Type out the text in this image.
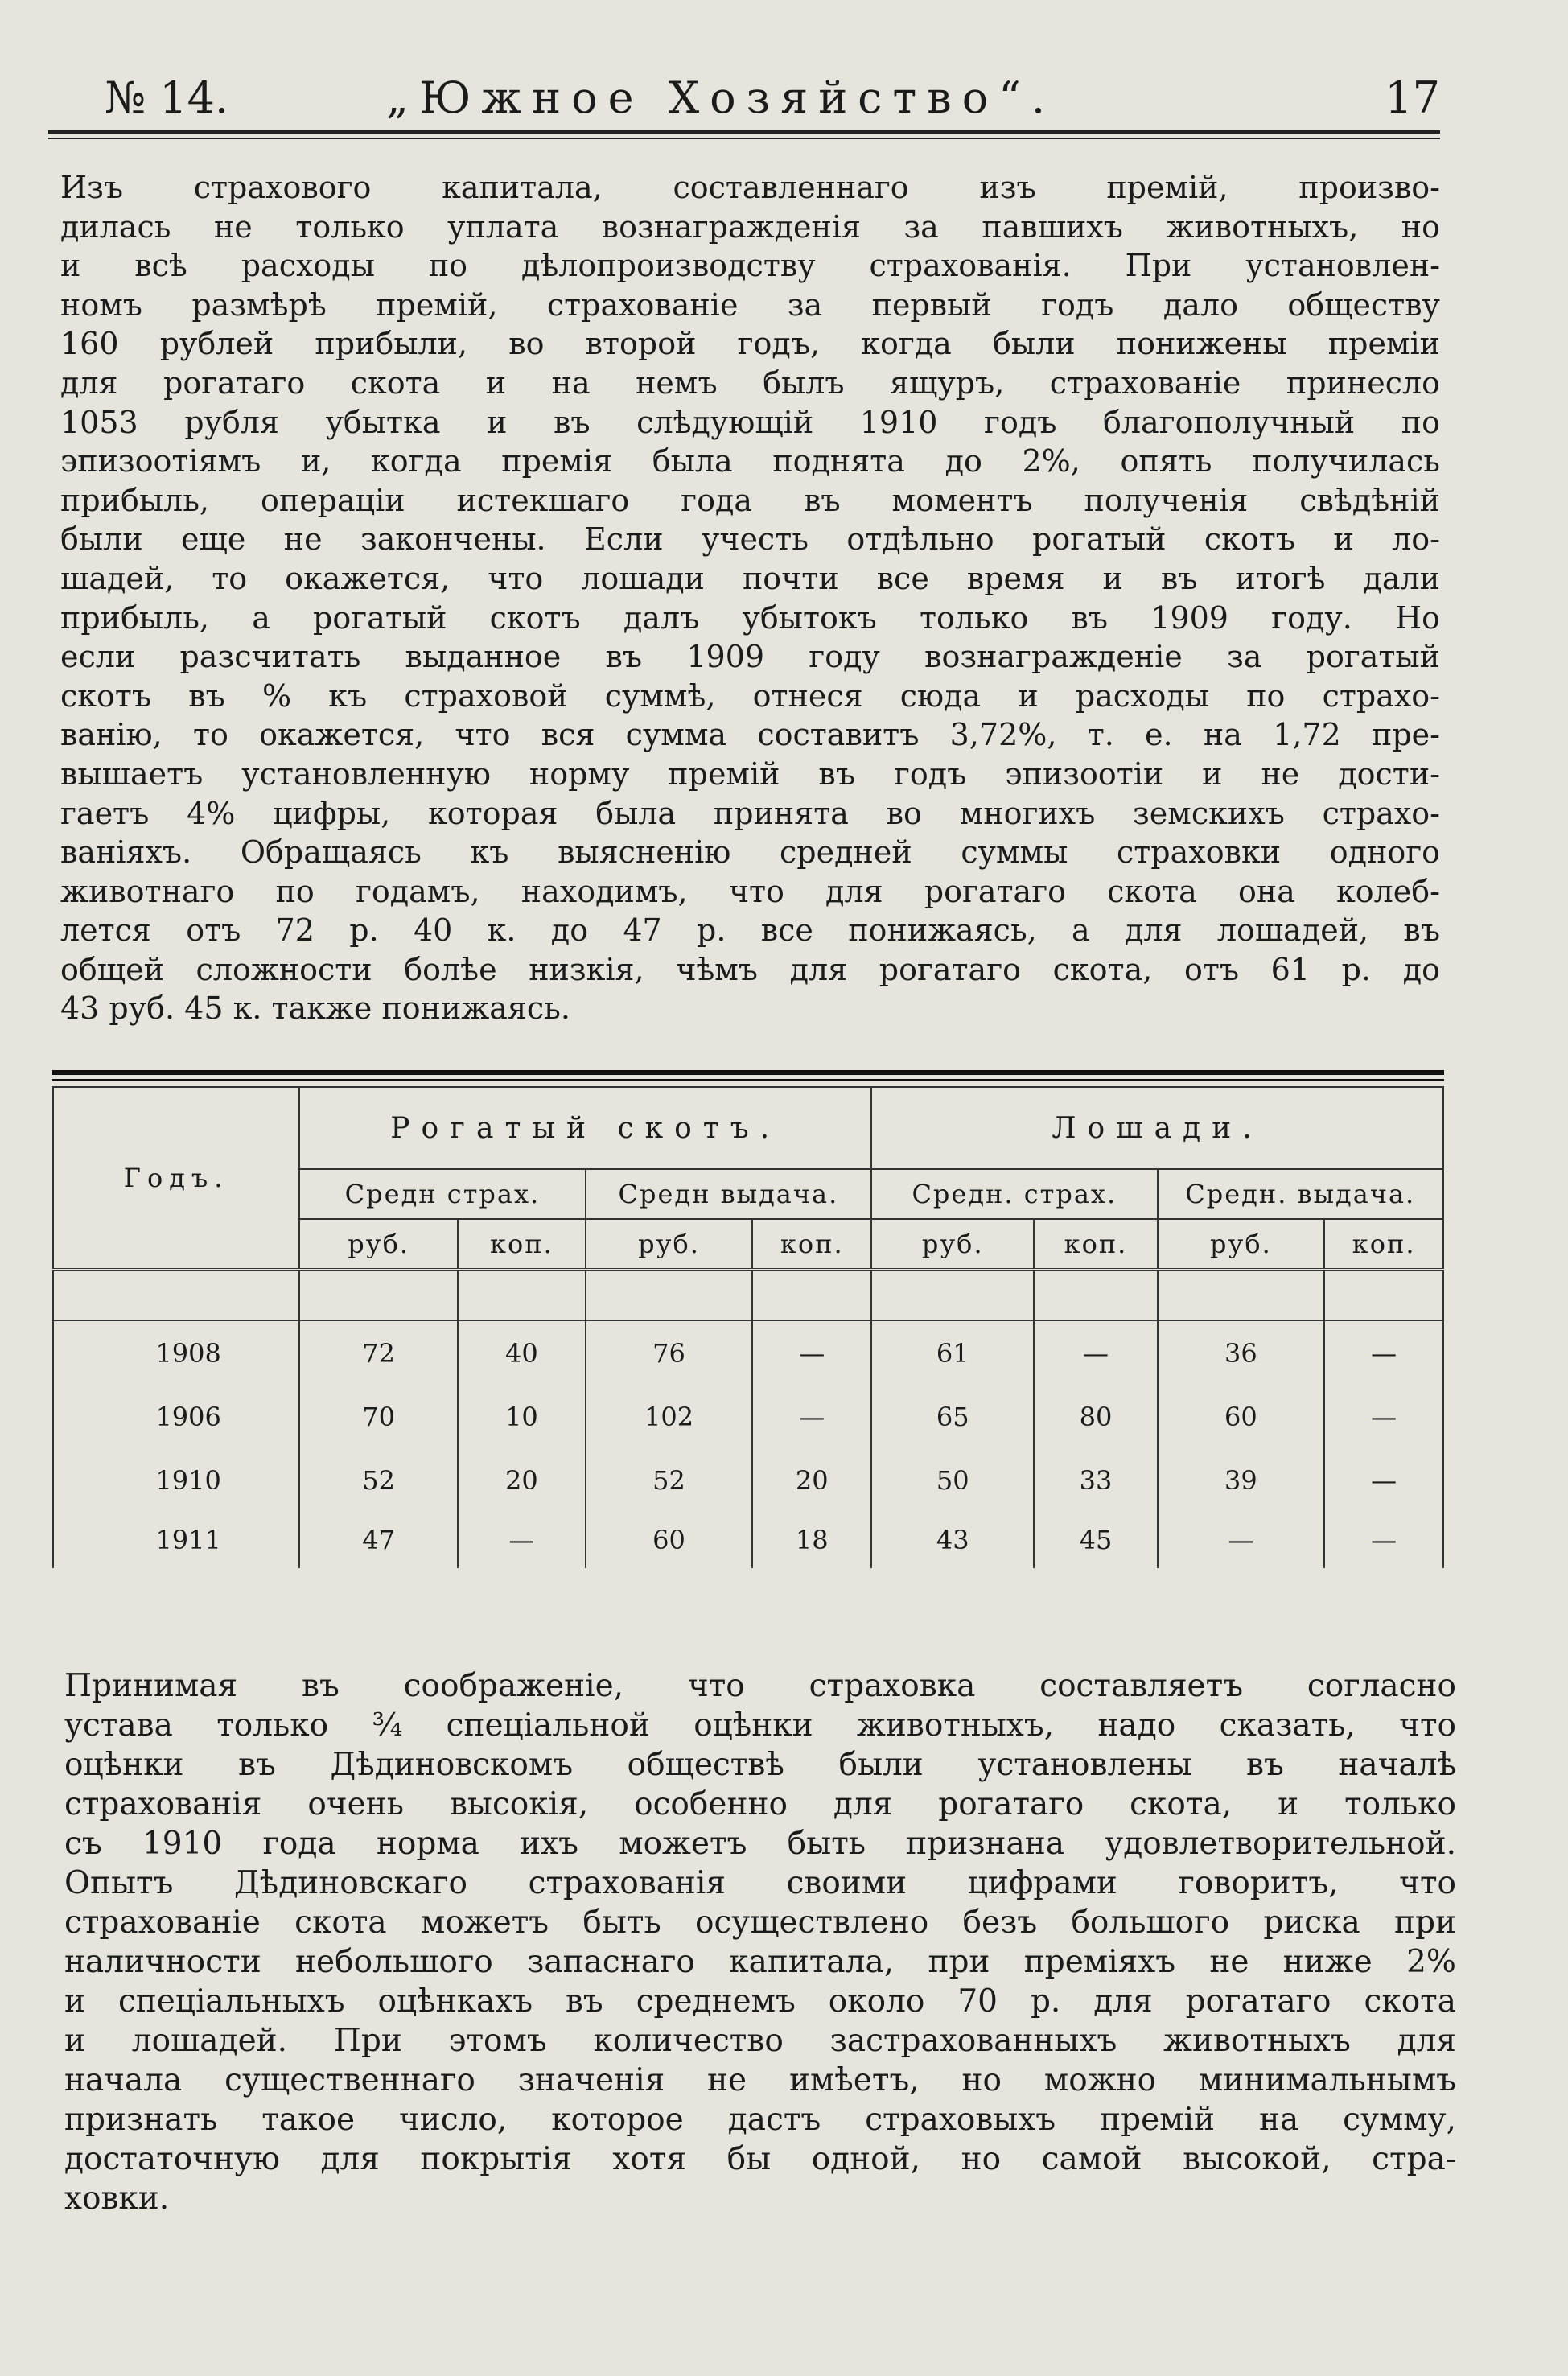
№ 14.	„Южное Хозяйство“.	17

Изъ страхового капитала, составленнаго изъ премій, произво-
дилась не только уплата вознагражденія за павшихъ животныхъ, но
и всѣ расходы по дѣлопроизводству страхованія. При установлен-
номъ размѣрѣ премій, страхованіе за первый годъ дало обществу
160 рублей прибыли, во второй годъ, когда были понижены преміи
для рогатаго скота и на немъ былъ ящуръ, страхованіе принесло
1053 рубля убытка и въ слѣдующій 1910 годъ благополучный по
эпизоотіямъ и, когда премія была поднята до 2%, опять получилась
прибыль, операціи истекшаго года въ моментъ полученія свѣдѣній
были еще не закончены. Если учесть отдѣльно рогатый скотъ и ло-
шадей, то окажется, что лошади почти все время и въ итогѣ дали
прибыль, а рогатый скотъ далъ убытокъ только въ 1909 году. Но
если разсчитать выданное въ 1909 году вознагражденіе за рогатый
скотъ въ % къ страховой суммѣ, отнеся сюда и расходы по страхо-
ванію, то окажется, что вся сумма составитъ 3,72%, т. е. на 1,72 пре-
вышаетъ установленную норму премій въ годъ эпизоотіи и не дости-
гаетъ 4% цифры, которая была принята во многихъ земскихъ страхо-
ваніяхъ. Обращаясь къ выясненію средней суммы страховки одного
животнаго по годамъ, находимъ, что для рогатаго скота она колеб-
лется отъ 72 р. 40 к. до 47 р. все понижаясь, а для лошадей, въ
общей сложности болѣе низкія, чѣмъ для рогатаго скота, отъ 61 р. до
43 руб. 45 к. также понижаясь.

Годъ.	Рогатый скотъ.				Лошади.			
	Средн страх.		Средн выдача.		Средн. страх.		Средн. выдача.	
	руб.	коп.	руб.	коп.	руб.	коп.	руб.	коп.

1908	72	40	76	—	61	—	36	—
1906	70	10	102	—	65	80	60	—
1910	52	20	52	20	50	33	39	—
1911	47	—	60	18	43	45	—	—

Принимая въ соображеніе, что страховка составляетъ согласно
устава только ¾ спеціальной оцѣнки животныхъ, надо сказать, что
оцѣнки въ Дѣдиновскомъ обществѣ были установлены въ началѣ
страхованія очень высокія, особенно для рогатаго скота, и только
съ 1910 года норма ихъ можетъ быть признана удовлетворительной.
Опытъ Дѣдиновскаго страхованія своими цифрами говоритъ, что
страхованіе скота можетъ быть осуществлено безъ большого риска при
наличности небольшого запаснаго капитала, при преміяхъ не ниже 2%
и спеціальныхъ оцѣнкахъ въ среднемъ около 70 р. для рогатаго скота
и лошадей. При этомъ количество застрахованныхъ животныхъ для
начала существеннаго значенія не имѣетъ, но можно минимальнымъ
признать такое число, которое дастъ страховыхъ премій на сумму,
достаточную для покрытія хотя бы одной, но самой высокой, стра-
ховки.
